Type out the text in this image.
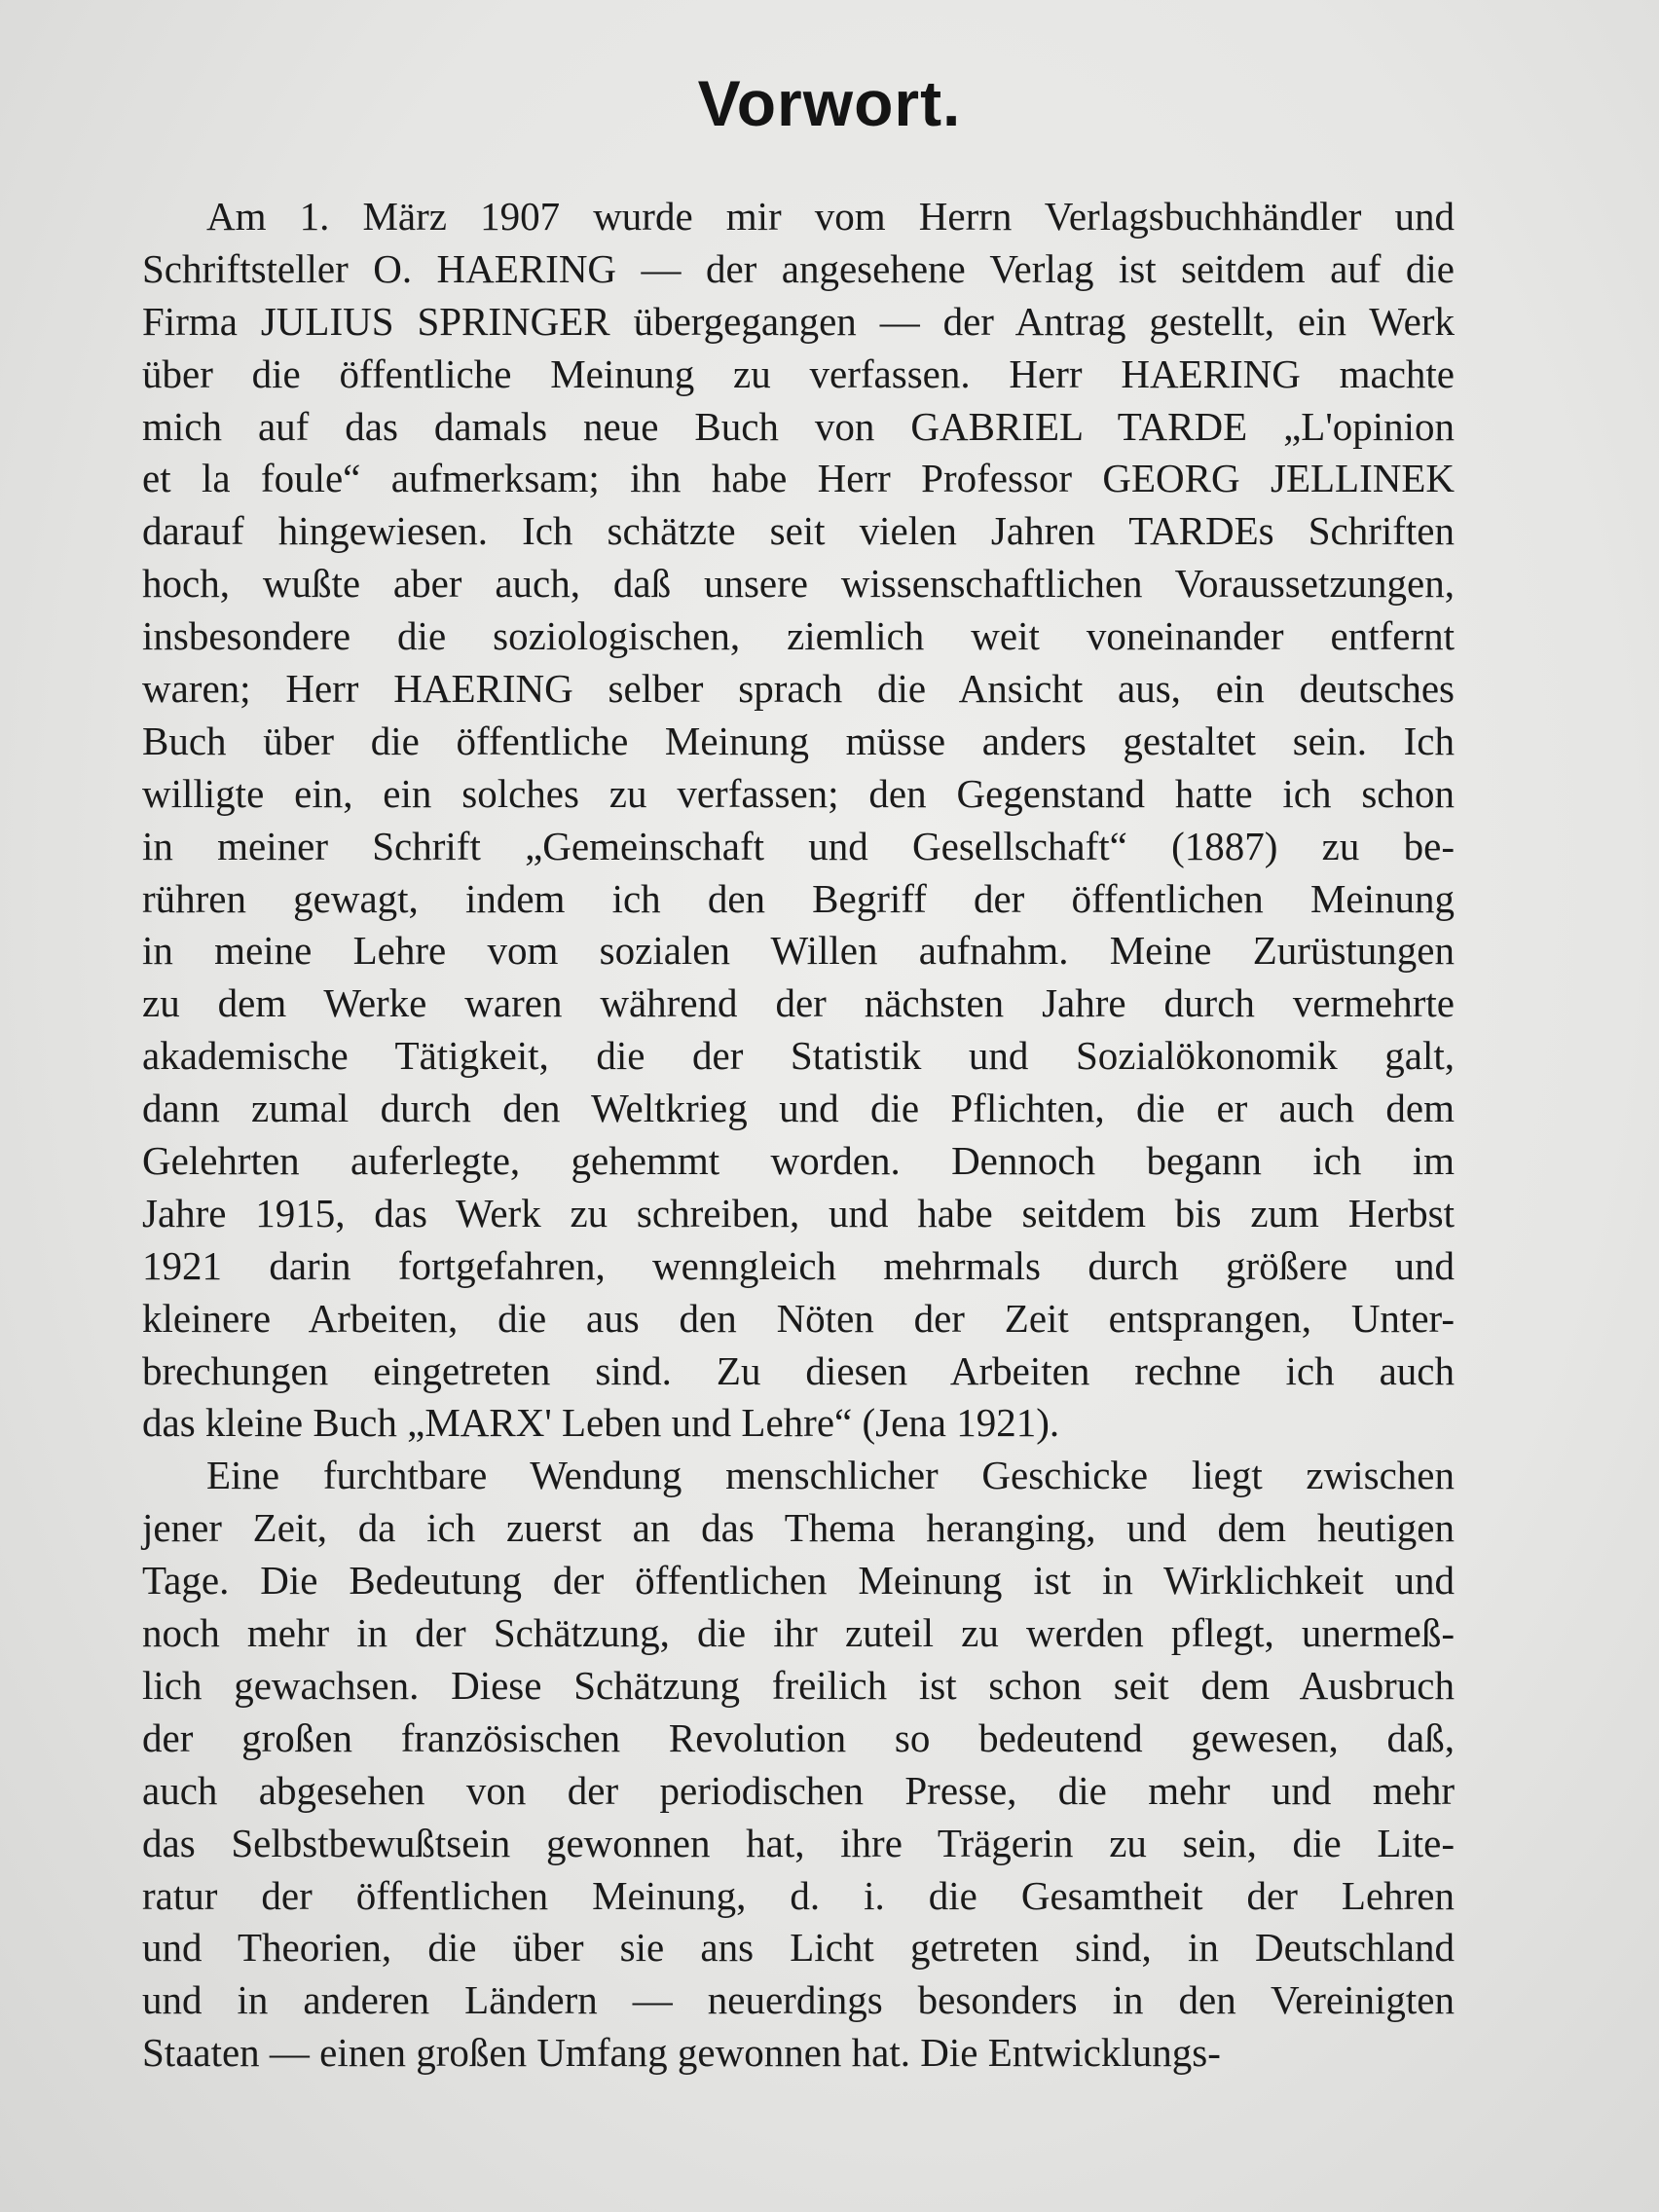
Vorwort.
Am 1. März 1907 wurde mir vom Herrn Verlagsbuchhändler und
Schriftsteller O. HAERING — der angesehene Verlag ist seitdem auf die
Firma JULIUS SPRINGER übergegangen — der Antrag gestellt, ein Werk
über die öffentliche Meinung zu verfassen. Herr HAERING machte
mich auf das damals neue Buch von GABRIEL TARDE „L'opinion
et la foule“ aufmerksam; ihn habe Herr Professor GEORG JELLINEK
darauf hingewiesen. Ich schätzte seit vielen Jahren TARDEs Schriften
hoch, wußte aber auch, daß unsere wissenschaftlichen Voraussetzungen,
insbesondere die soziologischen, ziemlich weit voneinander entfernt
waren; Herr HAERING selber sprach die Ansicht aus, ein deutsches
Buch über die öffentliche Meinung müsse anders gestaltet sein. Ich
willigte ein, ein solches zu verfassen; den Gegenstand hatte ich schon
in meiner Schrift „Gemeinschaft und Gesellschaft“ (1887) zu be-
rühren gewagt, indem ich den Begriff der öffentlichen Meinung
in meine Lehre vom sozialen Willen aufnahm. Meine Zurüstungen
zu dem Werke waren während der nächsten Jahre durch vermehrte
akademische Tätigkeit, die der Statistik und Sozialökonomik galt,
dann zumal durch den Weltkrieg und die Pflichten, die er auch dem
Gelehrten auferlegte, gehemmt worden. Dennoch begann ich im
Jahre 1915, das Werk zu schreiben, und habe seitdem bis zum Herbst
1921 darin fortgefahren, wenngleich mehrmals durch größere und
kleinere Arbeiten, die aus den Nöten der Zeit entsprangen, Unter-
brechungen eingetreten sind. Zu diesen Arbeiten rechne ich auch
das kleine Buch „MARX' Leben und Lehre“ (Jena 1921).
Eine furchtbare Wendung menschlicher Geschicke liegt zwischen
jener Zeit, da ich zuerst an das Thema heranging, und dem heutigen
Tage. Die Bedeutung der öffentlichen Meinung ist in Wirklichkeit und
noch mehr in der Schätzung, die ihr zuteil zu werden pflegt, unermeß-
lich gewachsen. Diese Schätzung freilich ist schon seit dem Ausbruch
der großen französischen Revolution so bedeutend gewesen, daß,
auch abgesehen von der periodischen Presse, die mehr und mehr
das Selbstbewußtsein gewonnen hat, ihre Trägerin zu sein, die Lite-
ratur der öffentlichen Meinung, d. i. die Gesamtheit der Lehren
und Theorien, die über sie ans Licht getreten sind, in Deutschland
und in anderen Ländern — neuerdings besonders in den Vereinigten
Staaten — einen großen Umfang gewonnen hat. Die Entwicklungs-
